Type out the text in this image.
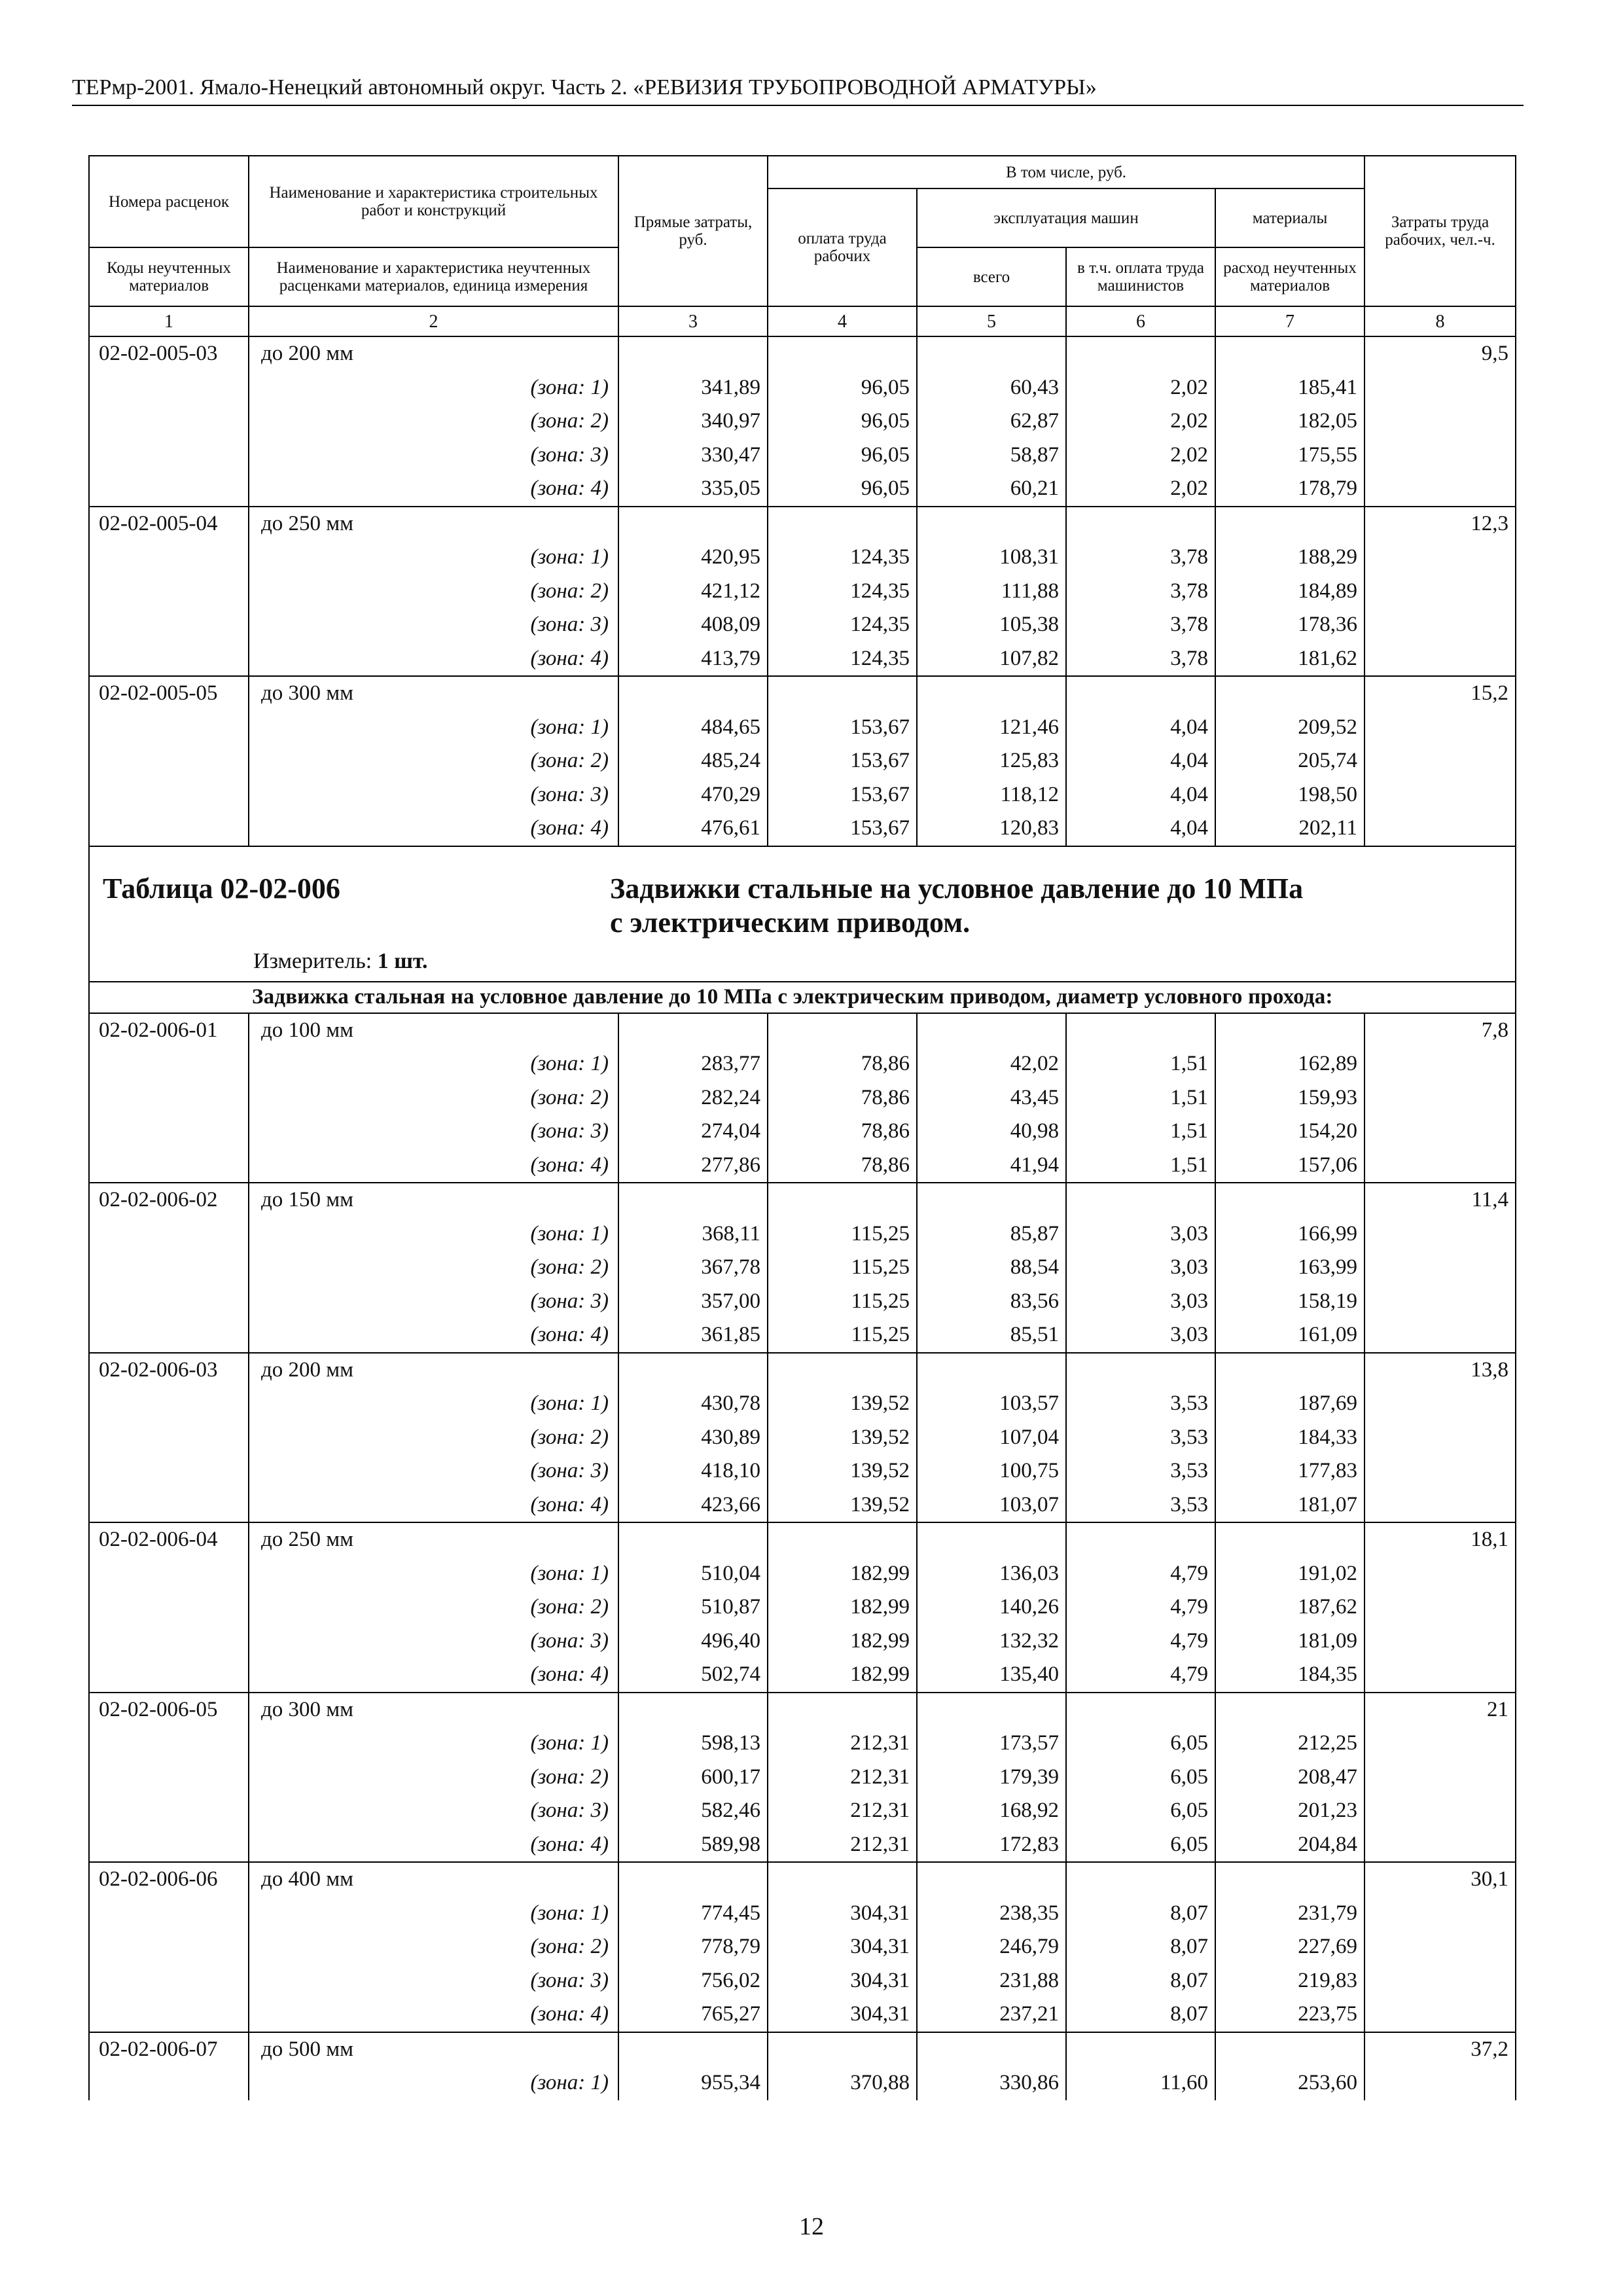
ТЕРмр-2001. Ямало-Ненецкий автономный округ. Часть 2. «РЕВИЗИЯ ТРУБОПРОВОДНОЙ АРМАТУРЫ»
Номера расценок	Наименование и характеристика строительных работ и конструкций	Прямые затраты, руб.	В том числе, руб.				Затраты труда рабочих, чел.-ч.
			оплата труда рабочих	эксплуатация машин		материалы	
Коды неучтенных материалов	Наименование и характеристика неучтенных расценками материалов, единица измерения			всего	в т.ч. оплата труда машинистов	расход неучтенных материалов	

1	2	3	4	5	6	7	8
02-02-005-03	до 200 мм						9,5
	(зона: 1)	341,89	96,05	60,43	2,02	185,41	
	(зона: 2)	340,97	96,05	62,87	2,02	182,05	
	(зона: 3)	330,47	96,05	58,87	2,02	175,55	
	(зона: 4)	335,05	96,05	60,21	2,02	178,79	
02-02-005-04	до 250 мм						12,3
	(зона: 1)	420,95	124,35	108,31	3,78	188,29	
	(зона: 2)	421,12	124,35	111,88	3,78	184,89	
	(зона: 3)	408,09	124,35	105,38	3,78	178,36	
	(зона: 4)	413,79	124,35	107,82	3,78	181,62	
02-02-005-05	до 300 мм						15,2
	(зона: 1)	484,65	153,67	121,46	4,04	209,52	
	(зона: 2)	485,24	153,67	125,83	4,04	205,74	
	(зона: 3)	470,29	153,67	118,12	4,04	198,50	
	(зона: 4)	476,61	153,67	120,83	4,04	202,11	

Таблица 02-02-006 Задвижки стальные на условное давление до 10 МПа
с электрическим приводом.
Измеритель: 1 шт.							

Задвижка стальная на условное давление до 10 МПа с электрическим приводом, диаметр условного прохода:							

02-02-006-01	до 100 мм						7,8
	(зона: 1)	283,77	78,86	42,02	1,51	162,89	
	(зона: 2)	282,24	78,86	43,45	1,51	159,93	
	(зона: 3)	274,04	78,86	40,98	1,51	154,20	
	(зона: 4)	277,86	78,86	41,94	1,51	157,06	
02-02-006-02	до 150 мм						11,4
	(зона: 1)	368,11	115,25	85,87	3,03	166,99	
	(зона: 2)	367,78	115,25	88,54	3,03	163,99	
	(зона: 3)	357,00	115,25	83,56	3,03	158,19	
	(зона: 4)	361,85	115,25	85,51	3,03	161,09	
02-02-006-03	до 200 мм						13,8
	(зона: 1)	430,78	139,52	103,57	3,53	187,69	
	(зона: 2)	430,89	139,52	107,04	3,53	184,33	
	(зона: 3)	418,10	139,52	100,75	3,53	177,83	
	(зона: 4)	423,66	139,52	103,07	3,53	181,07	
02-02-006-04	до 250 мм						18,1
	(зона: 1)	510,04	182,99	136,03	4,79	191,02	
	(зона: 2)	510,87	182,99	140,26	4,79	187,62	
	(зона: 3)	496,40	182,99	132,32	4,79	181,09	
	(зона: 4)	502,74	182,99	135,40	4,79	184,35	
02-02-006-05	до 300 мм						21
	(зона: 1)	598,13	212,31	173,57	6,05	212,25	
	(зона: 2)	600,17	212,31	179,39	6,05	208,47	
	(зона: 3)	582,46	212,31	168,92	6,05	201,23	
	(зона: 4)	589,98	212,31	172,83	6,05	204,84	
02-02-006-06	до 400 мм						30,1
	(зона: 1)	774,45	304,31	238,35	8,07	231,79	
	(зона: 2)	778,79	304,31	246,79	8,07	227,69	
	(зона: 3)	756,02	304,31	231,88	8,07	219,83	
	(зона: 4)	765,27	304,31	237,21	8,07	223,75	
02-02-006-07	до 500 мм						37,2
	(зона: 1)	955,34	370,88	330,86	11,60	253,60	
12
